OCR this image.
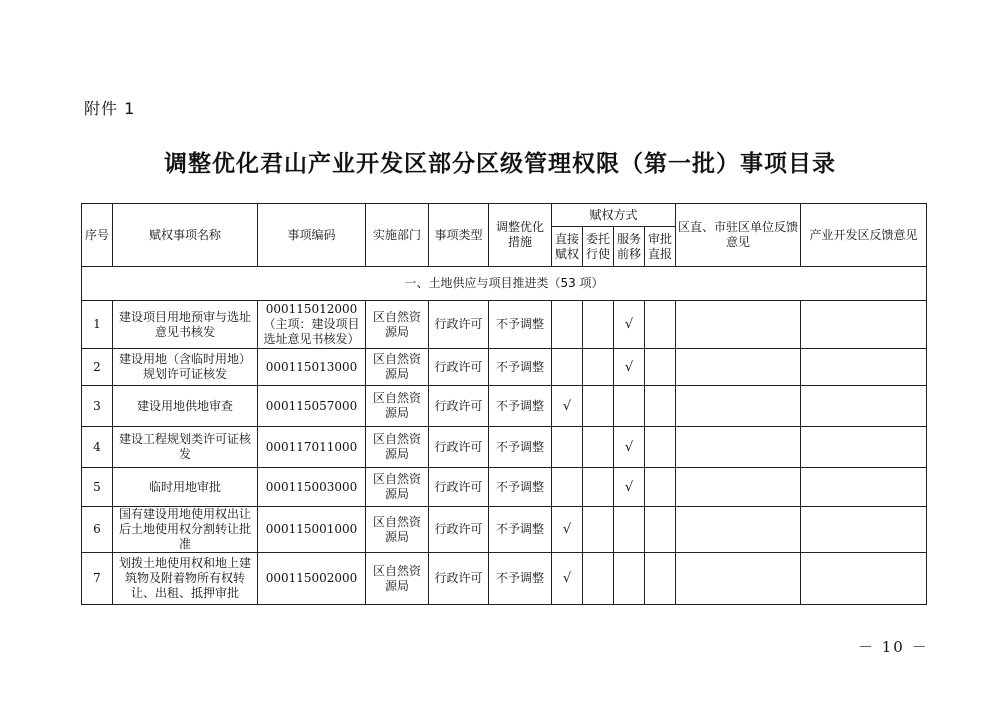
附件 1
调整优化君山产业开发区部分区级管理权限（第一批）事项目录
序号	赋权事项名称	事项编码	实施部门	事项类型	调整优化措施	赋权方式				区直、市驻区单位反馈意见	产业开发区反馈意见
						直接赋权	委托行使	服务前移	审批直报		
一、土地供应与项目推进类（53 项）											
1	建设项目用地预审与选址意见书核发	000115012000（主项：建设项目选址意见书核发）	区自然资源局	行政许可	不予调整			√			
2	建设用地（含临时用地）规划许可证核发	000115013000	区自然资源局	行政许可	不予调整			√			
3	建设用地供地审查	000115057000	区自然资源局	行政许可	不予调整	√					
4	建设工程规划类许可证核发	000117011000	区自然资源局	行政许可	不予调整			√			
5	临时用地审批	000115003000	区自然资源局	行政许可	不予调整			√			
6	国有建设用地使用权出让后土地使用权分割转让批准	000115001000	区自然资源局	行政许可	不予调整	√					
7	划拨土地使用权和地上建筑物及附着物所有权转让、出租、抵押审批	000115002000	区自然资源局	行政许可	不予调整	√					
－ 10 －
